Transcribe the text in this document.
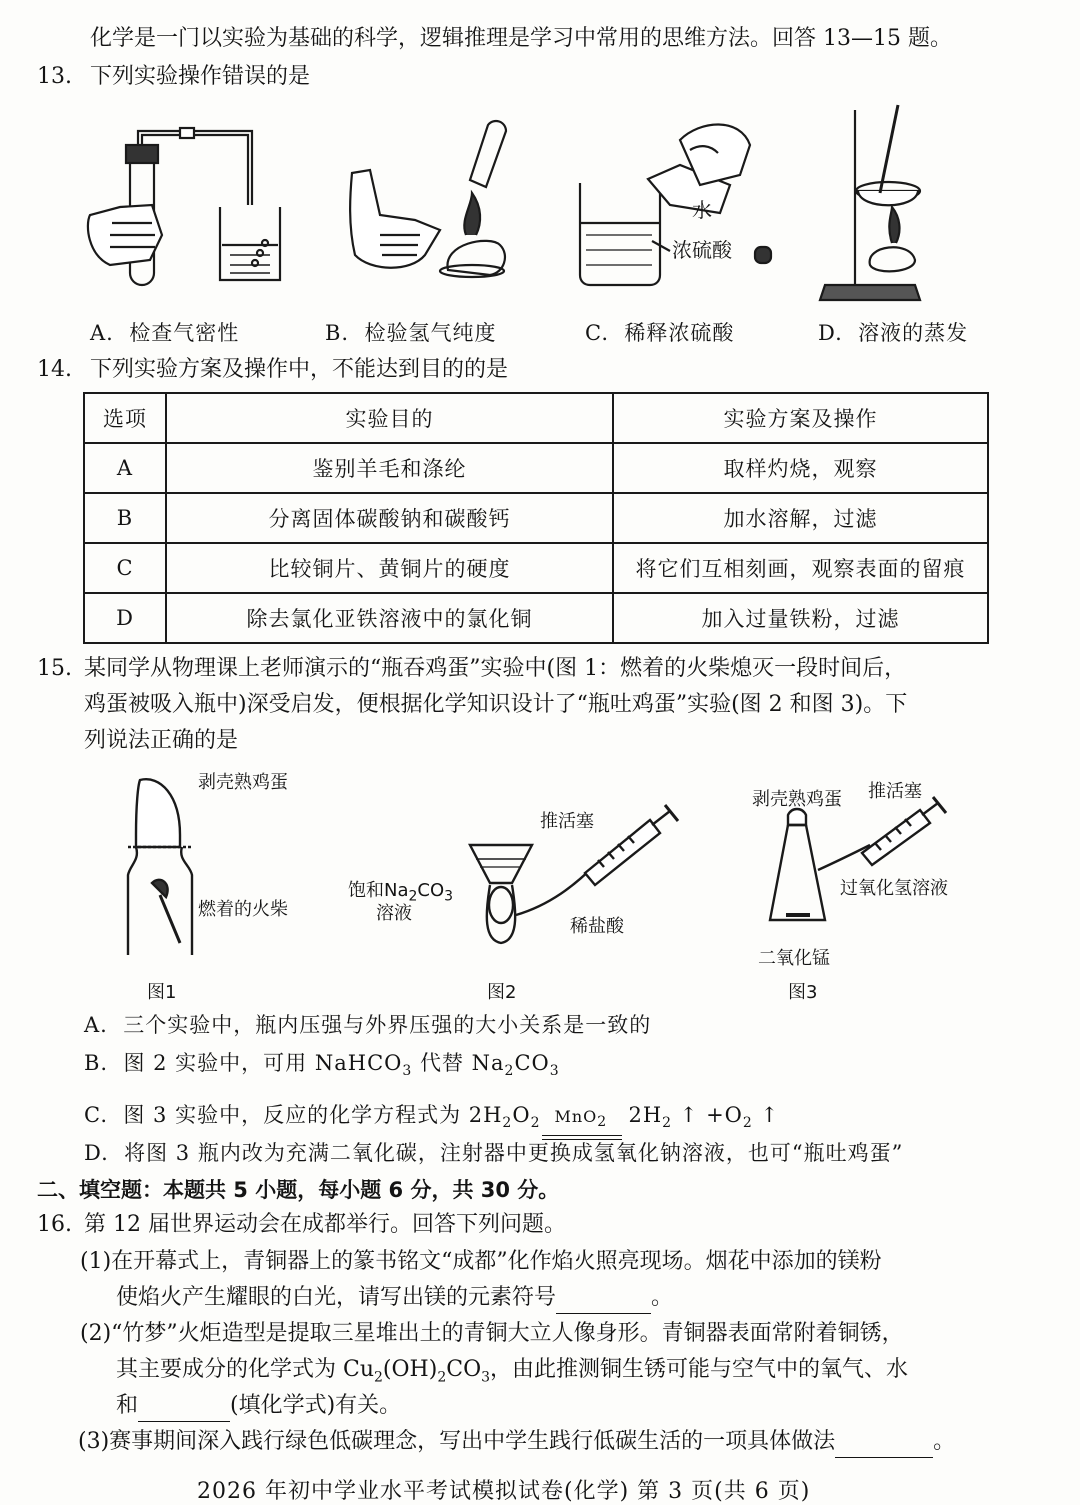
化学是一门以实验为基础的科学，逻辑推理是学习中常用的思维方法。回答 13—15 题。
13. 下列实验操作错误的是
水
浓硫酸
A. 检查气密性	B. 检验氢气纯度	C. 稀释浓硫酸	D. 溶液的蒸发
14. 下列实验方案及操作中，不能达到目的的是
选项	实验目的	实验方案及操作
A	鉴别羊毛和涤纶	取样灼烧，观察
B	分离固体碳酸钠和碳酸钙	加水溶解，过滤
C	比较铜片、黄铜片的硬度	将它们互相刻画，观察表面的留痕
D	除去氯化亚铁溶液中的氯化铜	加入过量铁粉，过滤
15. 某同学从物理课上老师演示的“瓶吞鸡蛋”实验中(图 1：燃着的火柴熄灭一段时间后，
鸡蛋被吸入瓶中)深受启发，便根据化学知识设计了“瓶吐鸡蛋”实验(图 2 和图 3)。下
列说法正确的是
剥壳熟鸡蛋
燃着的火柴
图1
推活塞
饱和$Na_2CO_3$
溶液
稀盐酸
图2
剥壳熟鸡蛋 推活塞
过氧化氢溶液
二氧化锰
图3
A. 三个实验中，瓶内压强与外界压强的大小关系是一致的
B. 图 2 实验中，可用 NaHCO$_3$ 代替 $Na_2CO_3$
C. 图 3 实验中，反应的化学方程式为 $2H_2O_2$ MnO$_2$ $2H_2$ ↑ $+O_2$ ↑
D. 将图 3 瓶内改为充满二氧化碳，注射器中更换成氢氧化钠溶液，也可“瓶吐鸡蛋”
二、填空题：本题共 5 小题，每小题 6 分，共 30 分。
16. 第 12 届世界运动会在成都举行。回答下列问题。
(1)在开幕式上，青铜器上的篆书铭文“成都”化作焰火照亮现场。烟花中添加的镁粉
使焰火产生耀眼的白光，请写出镁的元素符号	。
(2)“竹梦”火炬造型是提取三星堆出土的青铜大立人像身形。青铜器表面常附着铜锈，
其主要成分的化学式为 $Cu_2(OH)_2CO_3$，由此推测铜生锈可能与空气中的氧气、水
和	(填化学式)有关。
(3)赛事期间深入践行绿色低碳理念，写出中学生践行低碳生活的一项具体做法	。
2026 年初中学业水平考试模拟试卷(化学) 第 3 页(共 6 页)
